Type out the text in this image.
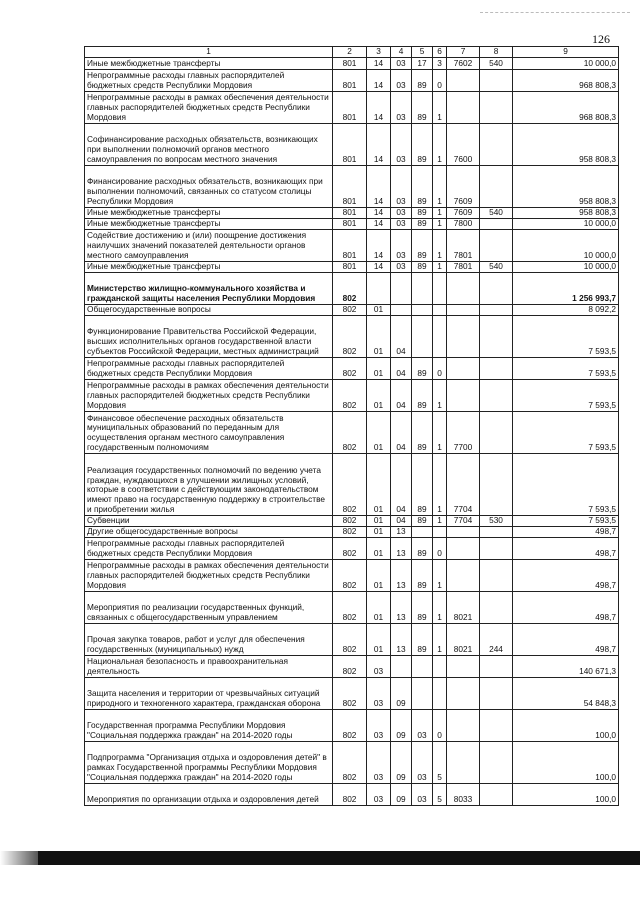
126
1	2	3	4	5	6	7	8	9
Иные межбюджетные трансферты	801	14	03	17	3	7602	540	10 000,0
Непрограммные расходы главных распорядителей бюджетных средств Республики Мордовия	801	14	03	89	0			968 808,3
Непрограммные расходы в рамках обеспечения деятельности главных распорядителей бюджетных средств Республики Мордовия	801	14	03	89	1			968 808,3
Софинансирование расходных обязательств, возникающих при выполнении полномочий органов местного самоуправления по вопросам местного значения	801	14	03	89	1	7600		958 808,3
Финансирование расходных обязательств, возникающих при выполнении полномочий, связанных со статусом столицы Республики Мордовия	801	14	03	89	1	7609		958 808,3
Иные межбюджетные трансферты	801	14	03	89	1	7609	540	958 808,3
Иные межбюджетные трансферты	801	14	03	89	1	7800		10 000,0
Содействие достижению и (или) поощрение достижения наилучших значений показателей деятельности органов местного самоуправления	801	14	03	89	1	7801		10 000,0
Иные межбюджетные трансферты	801	14	03	89	1	7801	540	10 000,0
Министерство жилищно-коммунального хозяйства и гражданской защиты населения Республики Мордовия	802							1 256 993,7
Общегосударственные вопросы	802	01						8 092,2
Функционирование Правительства Российской Федерации, высших исполнительных органов государственной власти субъектов Российской Федерации, местных администраций	802	01	04					7 593,5
Непрограммные расходы главных распорядителей бюджетных средств Республики Мордовия	802	01	04	89	0			7 593,5
Непрограммные расходы в рамках обеспечения деятельности главных распорядителей бюджетных средств Республики Мордовия	802	01	04	89	1			7 593,5
Финансовое обеспечение расходных обязательств муниципальных образований по переданным для осуществления органам местного самоуправления государственным полномочиям	802	01	04	89	1	7700		7 593,5
Реализация государственных полномочий по ведению учета граждан, нуждающихся в улучшении жилищных условий, которые в соответствии с действующим законодательством имеют право на государственную поддержку в строительстве и приобретении жилья	802	01	04	89	1	7704		7 593,5
Субвенции	802	01	04	89	1	7704	530	7 593,5
Другие общегосударственные вопросы	802	01	13					498,7
Непрограммные расходы главных распорядителей бюджетных средств Республики Мордовия	802	01	13	89	0			498,7
Непрограммные расходы в рамках обеспечения деятельности главных распорядителей бюджетных средств Республики Мордовия	802	01	13	89	1			498,7
Мероприятия по реализации государственных функций, связанных с общегосударственным управлением	802	01	13	89	1	8021		498,7
Прочая закупка товаров, работ и услуг для обеспечения государственных (муниципальных) нужд	802	01	13	89	1	8021	244	498,7
Национальная безопасность и правоохранительная деятельность	802	03						140 671,3
Защита населения и территории от чрезвычайных ситуаций природного и техногенного характера, гражданская оборона	802	03	09					54 848,3
Государственная программа Республики Мордовия "Социальная поддержка граждан" на 2014-2020 годы	802	03	09	03	0			100,0
Подпрограмма "Организация отдыха и оздоровления детей" в рамках Государственной программы Республики Мордовия "Социальная поддержка граждан" на 2014-2020 годы	802	03	09	03	5			100,0
Мероприятия по организации отдыха и оздоровления детей	802	03	09	03	5	8033		100,0
